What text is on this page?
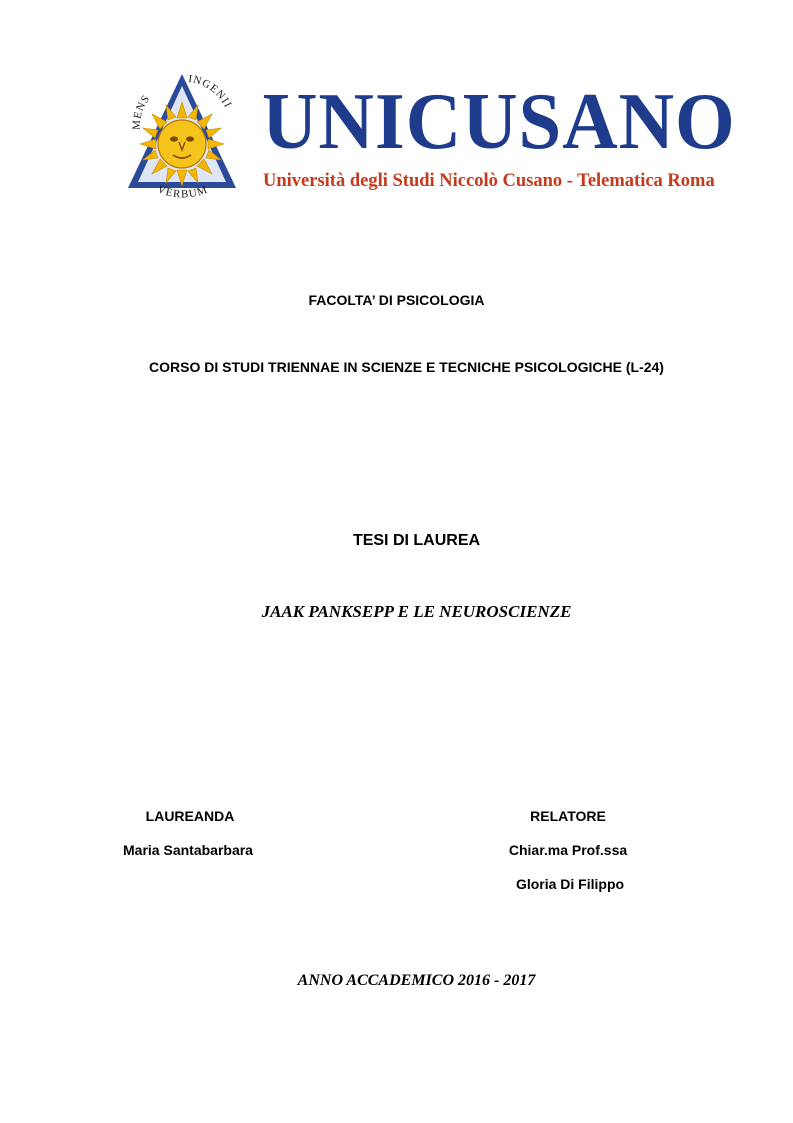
MENS
INGENII
VERBUM
UNICUSANO
Università degli Studi Niccolò Cusano - Telematica Roma
FACOLTA’ DI PSICOLOGIA
CORSO DI STUDI TRIENNAE IN SCIENZE E TECNICHE PSICOLOGICHE (L-24)
TESI DI LAUREA
JAAK PANKSEPP E LE NEUROSCIENZE
LAUREANDA
Maria Santabarbara
RELATORE
Chiar.ma Prof.ssa
Gloria Di Filippo
ANNO ACCADEMICO 2016 - 2017
